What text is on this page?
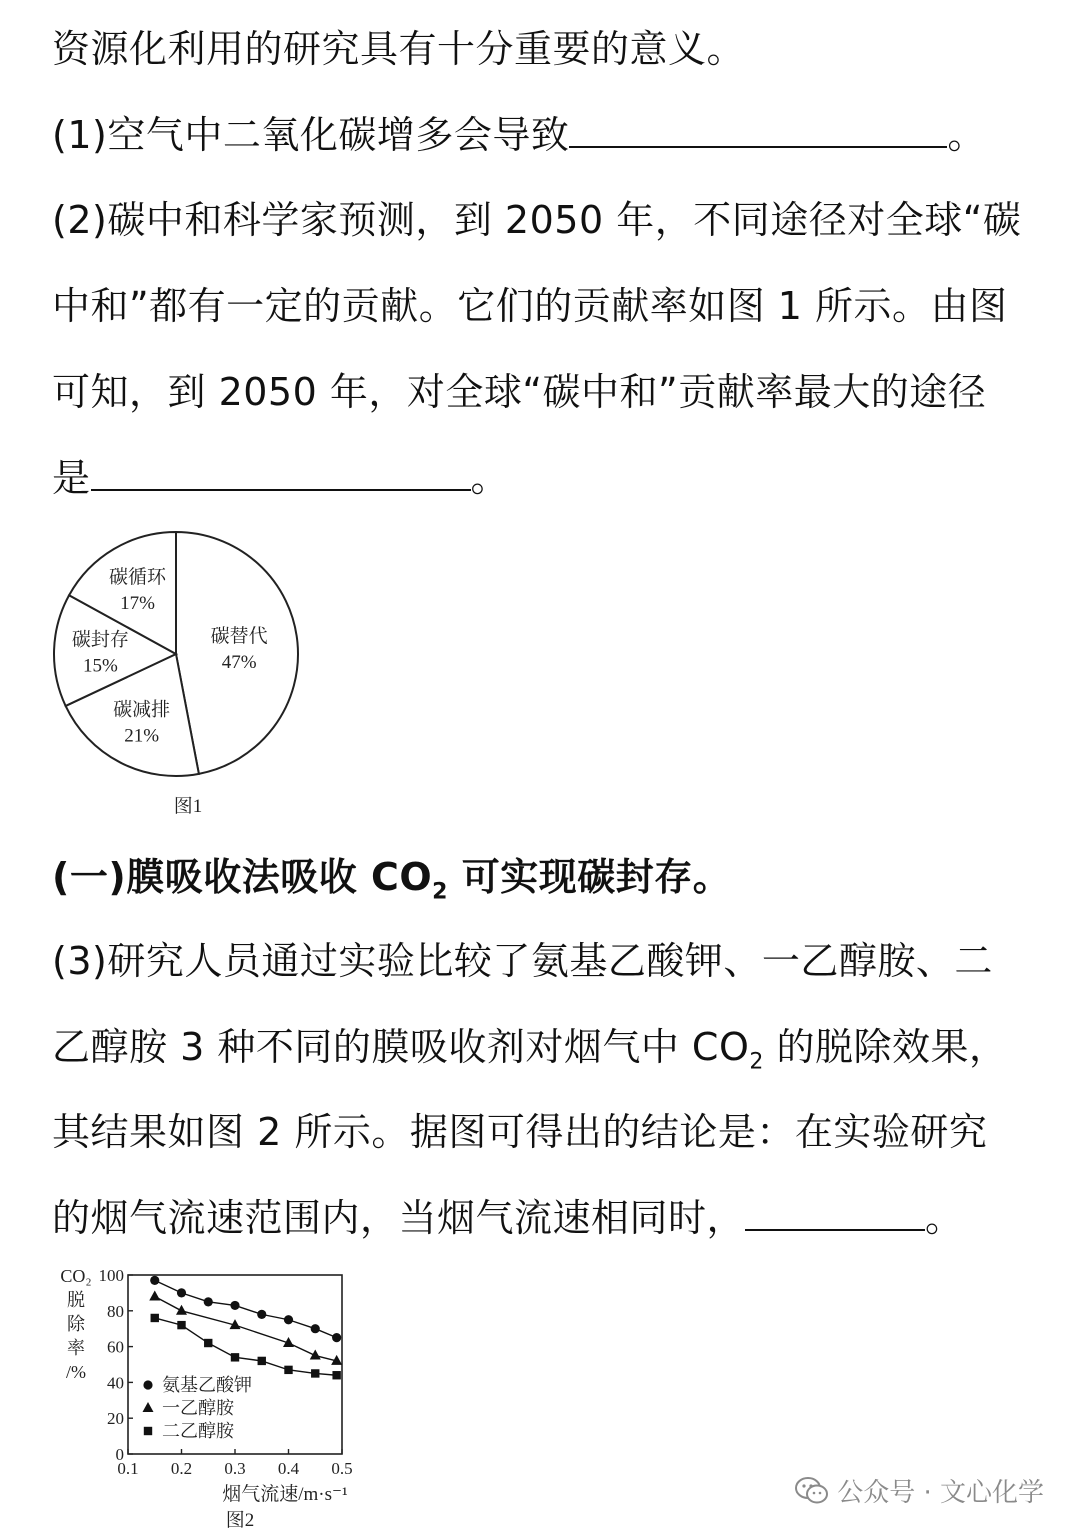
资源化利用的研究具有十分重要的意义。
(1)空气中二氧化碳增多会导致	。
(2)碳中和科学家预测，到 2050 年，不同途径对全球“碳
中和”都有一定的贡献。它们的贡献率如图 1 所示。由图
可知，到 2050 年，对全球“碳中和”贡献率最大的途径
是	。
碳替代
47%
碳减排
21%
碳封存
15%
碳循环
17%
图1
(一)膜吸收法吸收 $CO_2$ 可实现碳封存。
(3)研究人员通过实验比较了氨基乙酸钾、一乙醇胺、二
乙醇胺 3 种不同的膜吸收剂对烟气中 $CO_2$ 的脱除效果，
其结果如图 2 所示。据图可得出的结论是：在实验研究
的烟气流速范围内，当烟气流速相同时，	。
0.1 0.2 0.3 0.4 0.5
0
20
40
60
80
100
氨基乙酸钾
一乙醇胺
二乙醇胺
CO₂
脱
除
率
/%
烟气流速/m·s⁻¹
图2
公众号 · 文心化学
